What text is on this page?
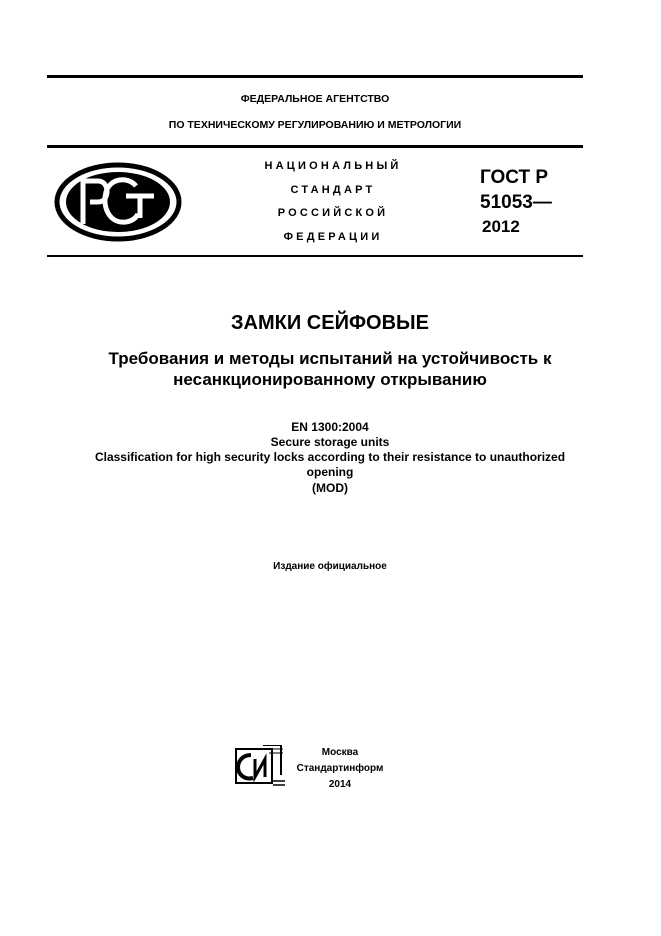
ФЕДЕРАЛЬНОЕ АГЕНТСТВО
ПО ТЕХНИЧЕСКОМУ РЕГУЛИРОВАНИЮ И МЕТРОЛОГИИ
НАЦИОНАЛЬНЫЙ
СТАНДАРТ
РОССИЙСКОЙ
ФЕДЕРАЦИИ
ГОСТ Р
51053—
2012
ЗАМКИ СЕЙФОВЫЕ
Требования и методы испытаний на устойчивость к
несанкционированному открыванию
EN 1300:2004
Secure storage units
Classification for high security locks according to their resistance to unauthorized
opening
(MOD)
Издание официальное
Москва
Стандартинформ
2014
